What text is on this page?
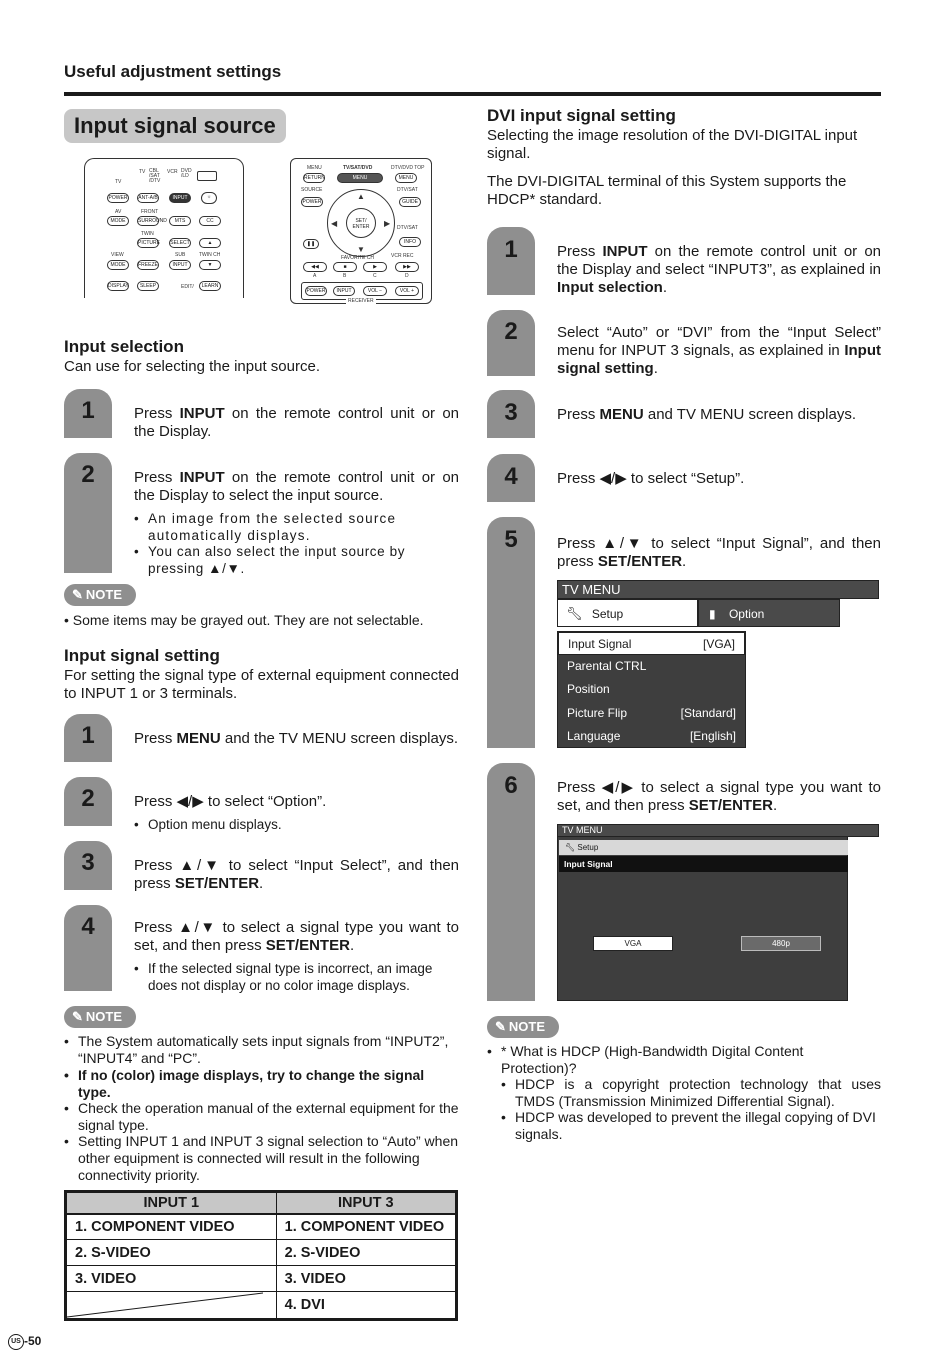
Useful adjustment settings
Input signal source
TV CBL /SAT /DTV
VCR DVD /LD
TV
POWER	ANT-A/B	INPUT	☼
AV	FRONT
MODE	SURROUND	MTS	CC
TWIN
PICTURE SELECT	▲
VIEW	SUB	TWIN CH
MODE	FREEZE	INPUT	▼
DISPLAY	SLEEP	EDIT/	LEARN
MENU	TV/SAT/DVD	DTV/DVD TOP
RETURN	MENU	MENU
SOURCE	DTV/SAT
POWER	GUIDE
◀	▶
▲
▼
SET/ ENTER	DTV/SAT
❚❚	INFO
FAVORITE CH	VCR REC
◀◀	■	▶	▶▶
A	B	C	D
POWER	INPUT	VOL −	VOL +
RECEIVER
Input selection
Can use for selecting the input source.
1	Press INPUT on the remote control unit or on the Display.
2	Press INPUT on the remote control unit or on the Display to select the input source.
• An image from the selected source automatically displays.
• You can also select the input source by pressing ▲/▼.
✎ NOTE
• Some items may be grayed out. They are not selectable.
Input signal setting
For setting the signal type of external equipment connected to INPUT 1 or 3 terminals.
1	Press MENU and the TV MENU screen displays.
2	Press ◀/▶ to select “Option”.
• Option menu displays.
3	Press ▲/▼ to select “Input Select”, and then press SET/ENTER.
4	Press ▲/▼ to select a signal type you want to set, and then press SET/ENTER.
• If the selected signal type is incorrect, an image does not display or no color image displays.
✎ NOTE
• The System automatically sets input signals from “INPUT2”, “INPUT4” and “PC”.
• If no (color) image displays, try to change the signal type.
• Check the operation manual of the external equipment for the signal type.
• Setting INPUT 1 and INPUT 3 signal selection to “Auto” when other equipment is connected will result in the following connectivity priority.
INPUT 1	INPUT 3
1. COMPONENT VIDEO	1. COMPONENT VIDEO
2. S-VIDEO	2. S-VIDEO
3. VIDEO	3. VIDEO

	4. DVI
DVI input signal setting
Selecting the image resolution of the DVI-DIGITAL input signal.
The DVI-DIGITAL terminal of this System supports the HDCP* standard.
1	Press INPUT on the remote control unit or on the Display and select “INPUT3”, as explained in Input selection.
2	Select “Auto” or “DVI” from the “Input Select” menu for INPUT 3 signals, as explained in Input signal setting.
3	Press MENU and TV MENU screen displays.
4	Press ◀/▶ to select “Setup”.
5	Press ▲/▼ to select “Input Signal”, and then press SET/ENTER.
TV MENU
🔧︎ Setup	▮ Option
Input Signal	[VGA]
Parental CTRL
Position
Picture Flip	[Standard]
Language	[English]
6	Press ◀/▶ to select a signal type you want to set, and then press SET/ENTER.
TV MENU
🔧︎ Setup
Input Signal
VGA	480p
✎ NOTE
• * What is HDCP (High-Bandwidth Digital Content Protection)?
• HDCP is a copyright protection technology that uses TMDS (Transmission Minimized Differential Signal).
• HDCP was developed to prevent the illegal copying of DVI signals.
US -50
